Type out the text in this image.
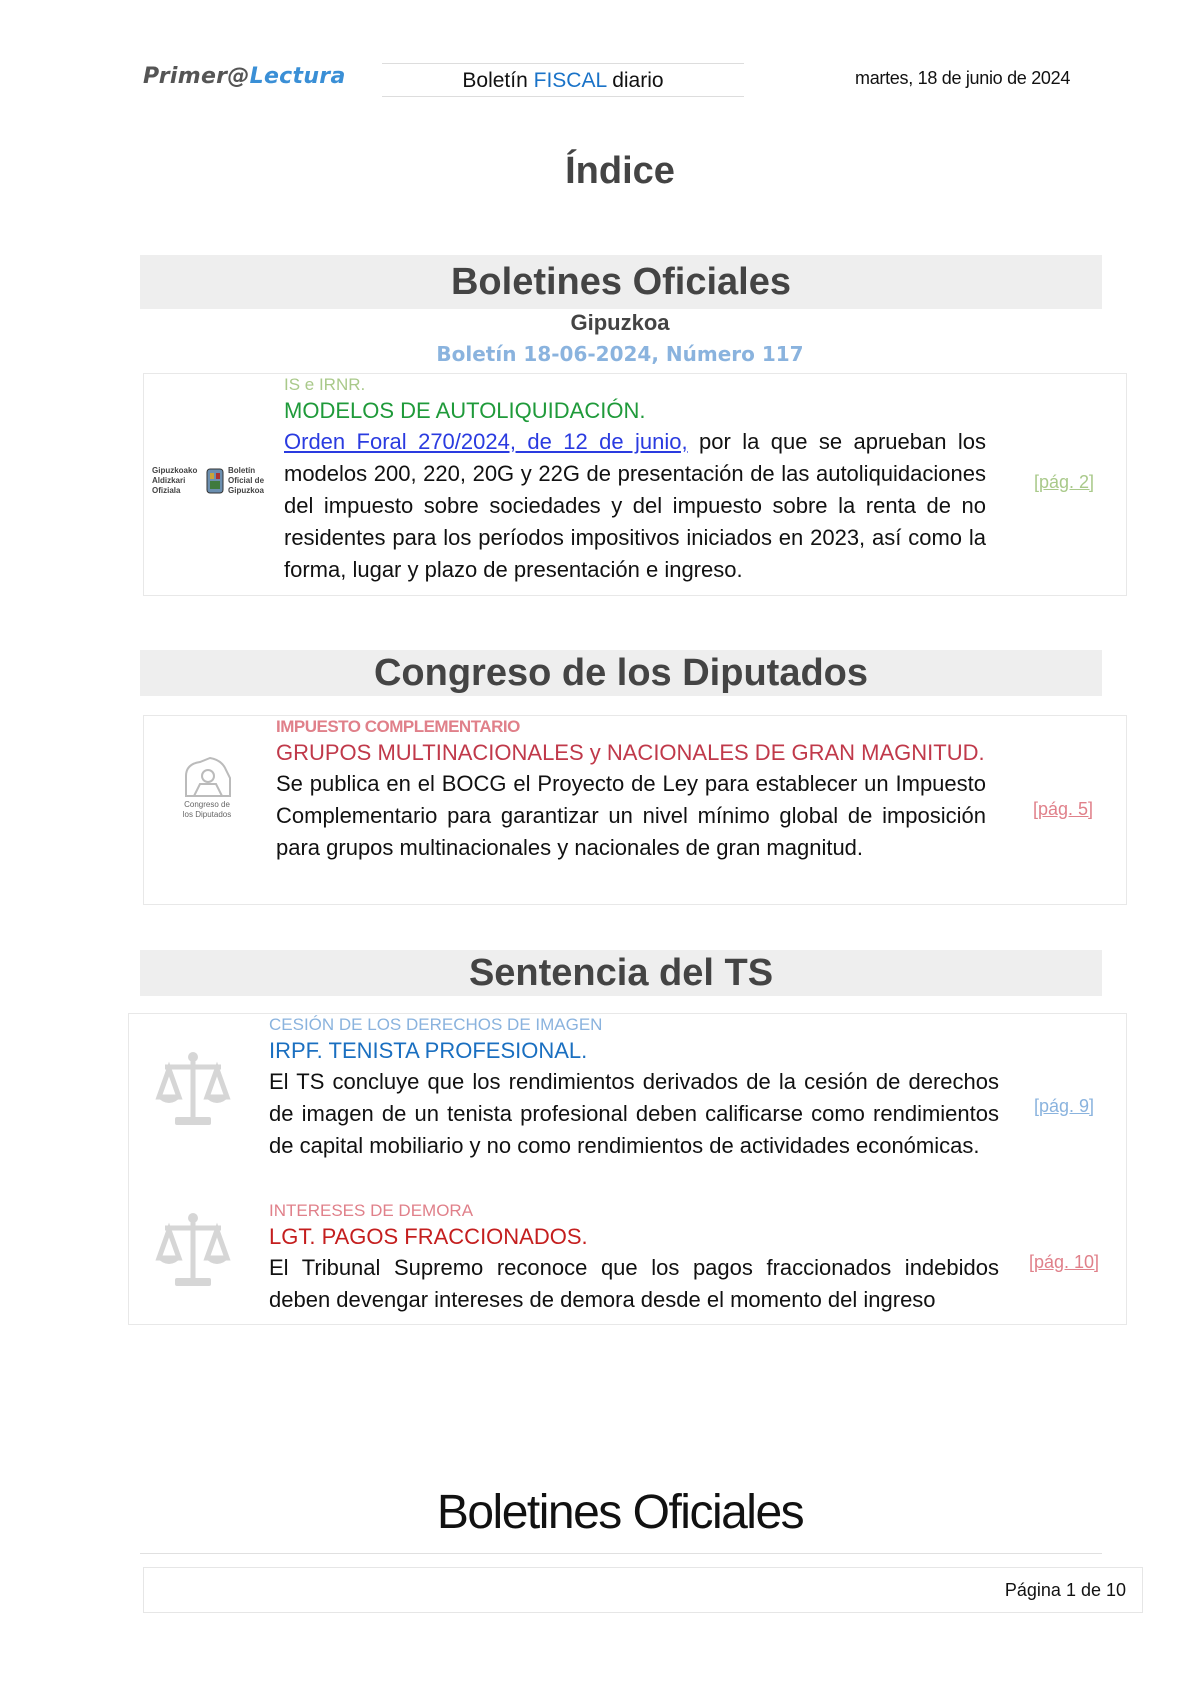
Primer@Lectura	Boletín FISCAL diario	martes, 18 de junio de 2024
Índice
Boletines Oficiales
Gipuzkoa
Boletín 18-06-2024, Número 117
Gipuzkoako
Aldizkari
Ofiziala
Boletín
Oficial de
Gipuzkoa
IS e IRNR.
MODELOS DE AUTOLIQUIDACIÓN.
Orden Foral 270/2024, de 12 de junio, por la que se aprueban los modelos 200, 220, 20G y 22G de presentación de las autoliquidaciones del impuesto sobre sociedades y del impuesto sobre la renta de no residentes para los períodos impositivos iniciados en 2023, así como la forma, lugar y plazo de presentación e ingreso.
[pág. 2]
Congreso de los Diputados
Congreso de
los Diputados
IMPUESTO COMPLEMENTARIO
GRUPOS MULTINACIONALES y NACIONALES DE GRAN MAGNITUD.
Se publica en el BOCG el Proyecto de Ley para establecer un Impuesto Complementario para garantizar un nivel mínimo global de imposición para grupos multinacionales y nacionales de gran magnitud.
[pág. 5]
Sentencia del TS
CESIÓN DE LOS DERECHOS DE IMAGEN
IRPF. TENISTA PROFESIONAL.
El TS concluye que los rendimientos derivados de la cesión de derechos de imagen de un tenista profesional deben calificarse como rendimientos de capital mobiliario y no como rendimientos de actividades económicas.
[pág. 9]
INTERESES DE DEMORA
LGT. PAGOS FRACCIONADOS.
El Tribunal Supremo reconoce que los pagos fraccionados indebidos deben devengar intereses de demora desde el momento del ingreso
[pág. 10]
Boletines Oficiales
Página 1 de 10
